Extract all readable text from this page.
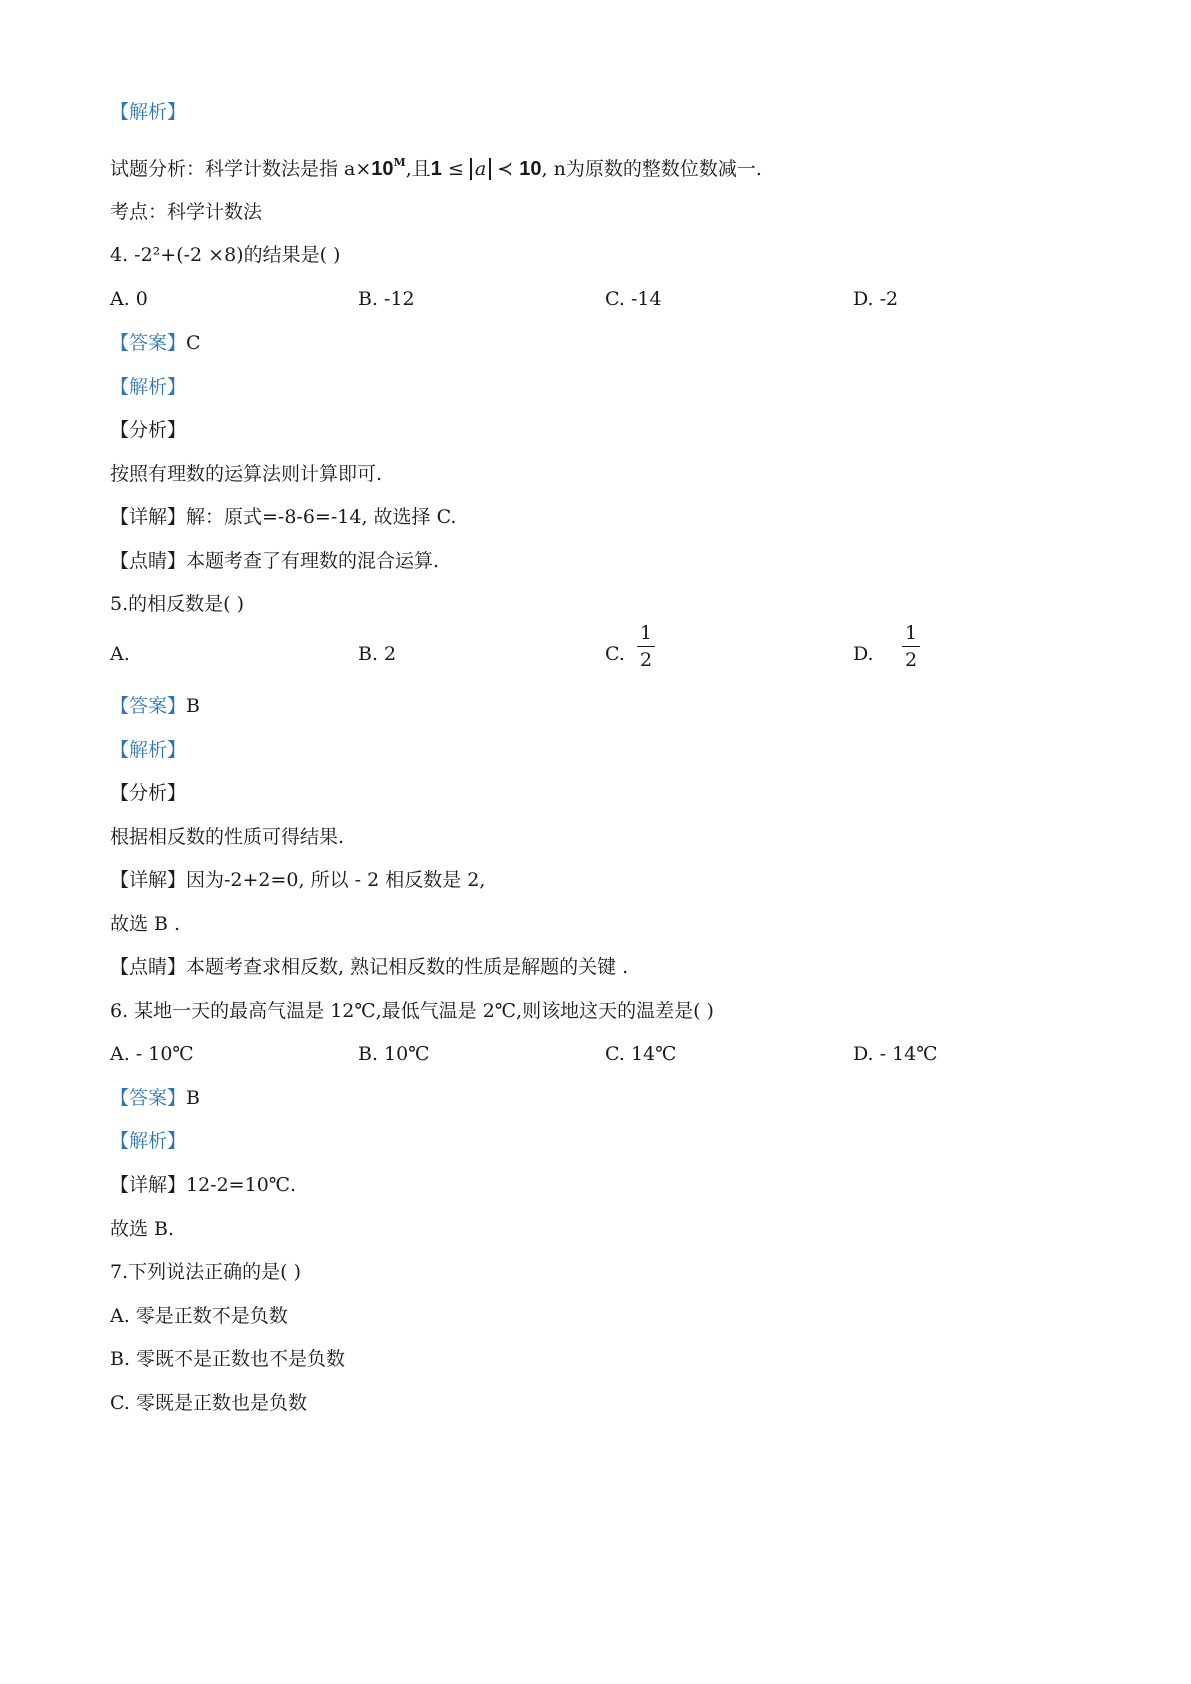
【解析】
试题分析：科学计数法是指 $a\times 10^M$,且1 ≤ a ≺ 10, n为原数的整数位数减一.
考点：科学计数法
4. -2²+(-2 ×8)的结果是( )
A. 0	B. -12	C. -14	D. -2
【答案】C
【解析】
【分析】
按照有理数的运算法则计算即可.
【详解】解：原式=-8-6=-14, 故选择 C.
【点睛】本题考查了有理数的混合运算.
5.的相反数是( )
A.	B. 2	C.
1
2	D.
1
2
【答案】B
【解析】
【分析】
根据相反数的性质可得结果.
【详解】因为-2+2=0, 所以 - 2 相反数是 2,
故选 B .
【点睛】本题考查求相反数, 熟记相反数的性质是解题的关键 .
6. 某地一天的最高气温是 12℃,最低气温是 2℃,则该地这天的温差是( )
A. - 10℃	B. 10℃	C. 14℃	D. - 14℃
【答案】B
【解析】
【详解】12-2=10℃.
故选 B.
7.下列说法正确的是( )
A. 零是正数不是负数
B. 零既不是正数也不是负数
C. 零既是正数也是负数
